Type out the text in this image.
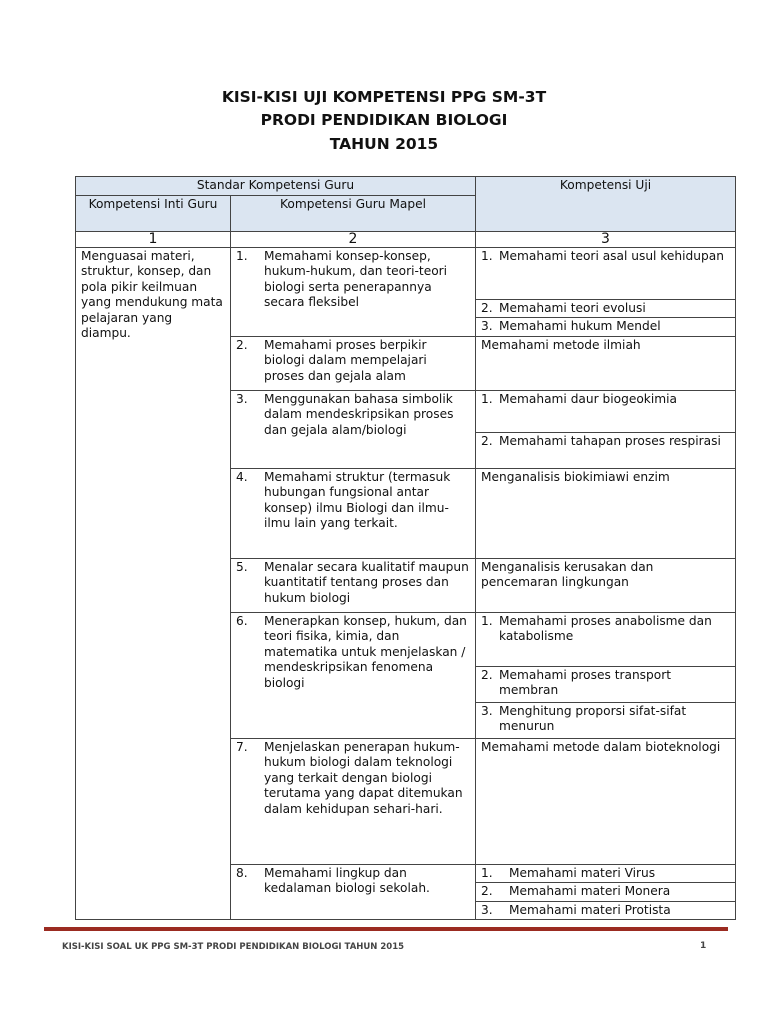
KISI-KISI UJI KOMPETENSI PPG SM-3T
PRODI PENDIDIKAN BIOLOGI
TAHUN 2015
Standar Kompetensi Guru		Kompetensi Uji
Kompetensi Inti Guru	Kompetensi Guru Mapel	
1	2	3
Menguasai materi, struktur, konsep, dan pola pikir keilmuan yang mendukung mata pelajaran yang diampu.	1. Memahami konsep-konsep, hukum-hukum, dan teori-teori biologi serta penerapannya secara fleksibel	1. Memahami teori asal usul kehidupan

		2. Memahami teori evolusi

		3. Memahami hukum Mendel

	2. Memahami proses berpikir biologi dalam mempelajari proses dan gejala alam	Memahami metode ilmiah

	3. Menggunakan bahasa simbolik dalam mendeskripsikan proses dan gejala alam/biologi	1. Memahami daur biogeokimia

		2. Memahami tahapan proses respirasi

	4. Memahami struktur (termasuk hubungan fungsional antar konsep) ilmu Biologi dan ilmu-ilmu lain yang terkait.	Menganalisis biokimiawi enzim

	5. Menalar secara kualitatif maupun kuantitatif tentang proses dan hukum biologi	Menganalisis kerusakan dan pencemaran lingkungan

	6. Menerapkan konsep, hukum, dan teori fisika, kimia, dan matematika untuk menjelaskan / mendeskripsikan fenomena biologi	1. Memahami proses anabolisme dan katabolisme

		2. Memahami proses transport membran

		3. Menghitung proporsi sifat-sifat menurun

	7. Menjelaskan penerapan hukum-hukum biologi dalam teknologi yang terkait dengan biologi terutama yang dapat ditemukan dalam kehidupan sehari-hari.	Memahami metode dalam bioteknologi

	8. Memahami lingkup dan kedalaman biologi sekolah.	1. Memahami materi Virus

		2. Memahami materi Monera

		3. Memahami materi Protista
KISI-KISI SOAL UK PPG SM-3T PRODI PENDIDIKAN BIOLOGI TAHUN 2015	1
